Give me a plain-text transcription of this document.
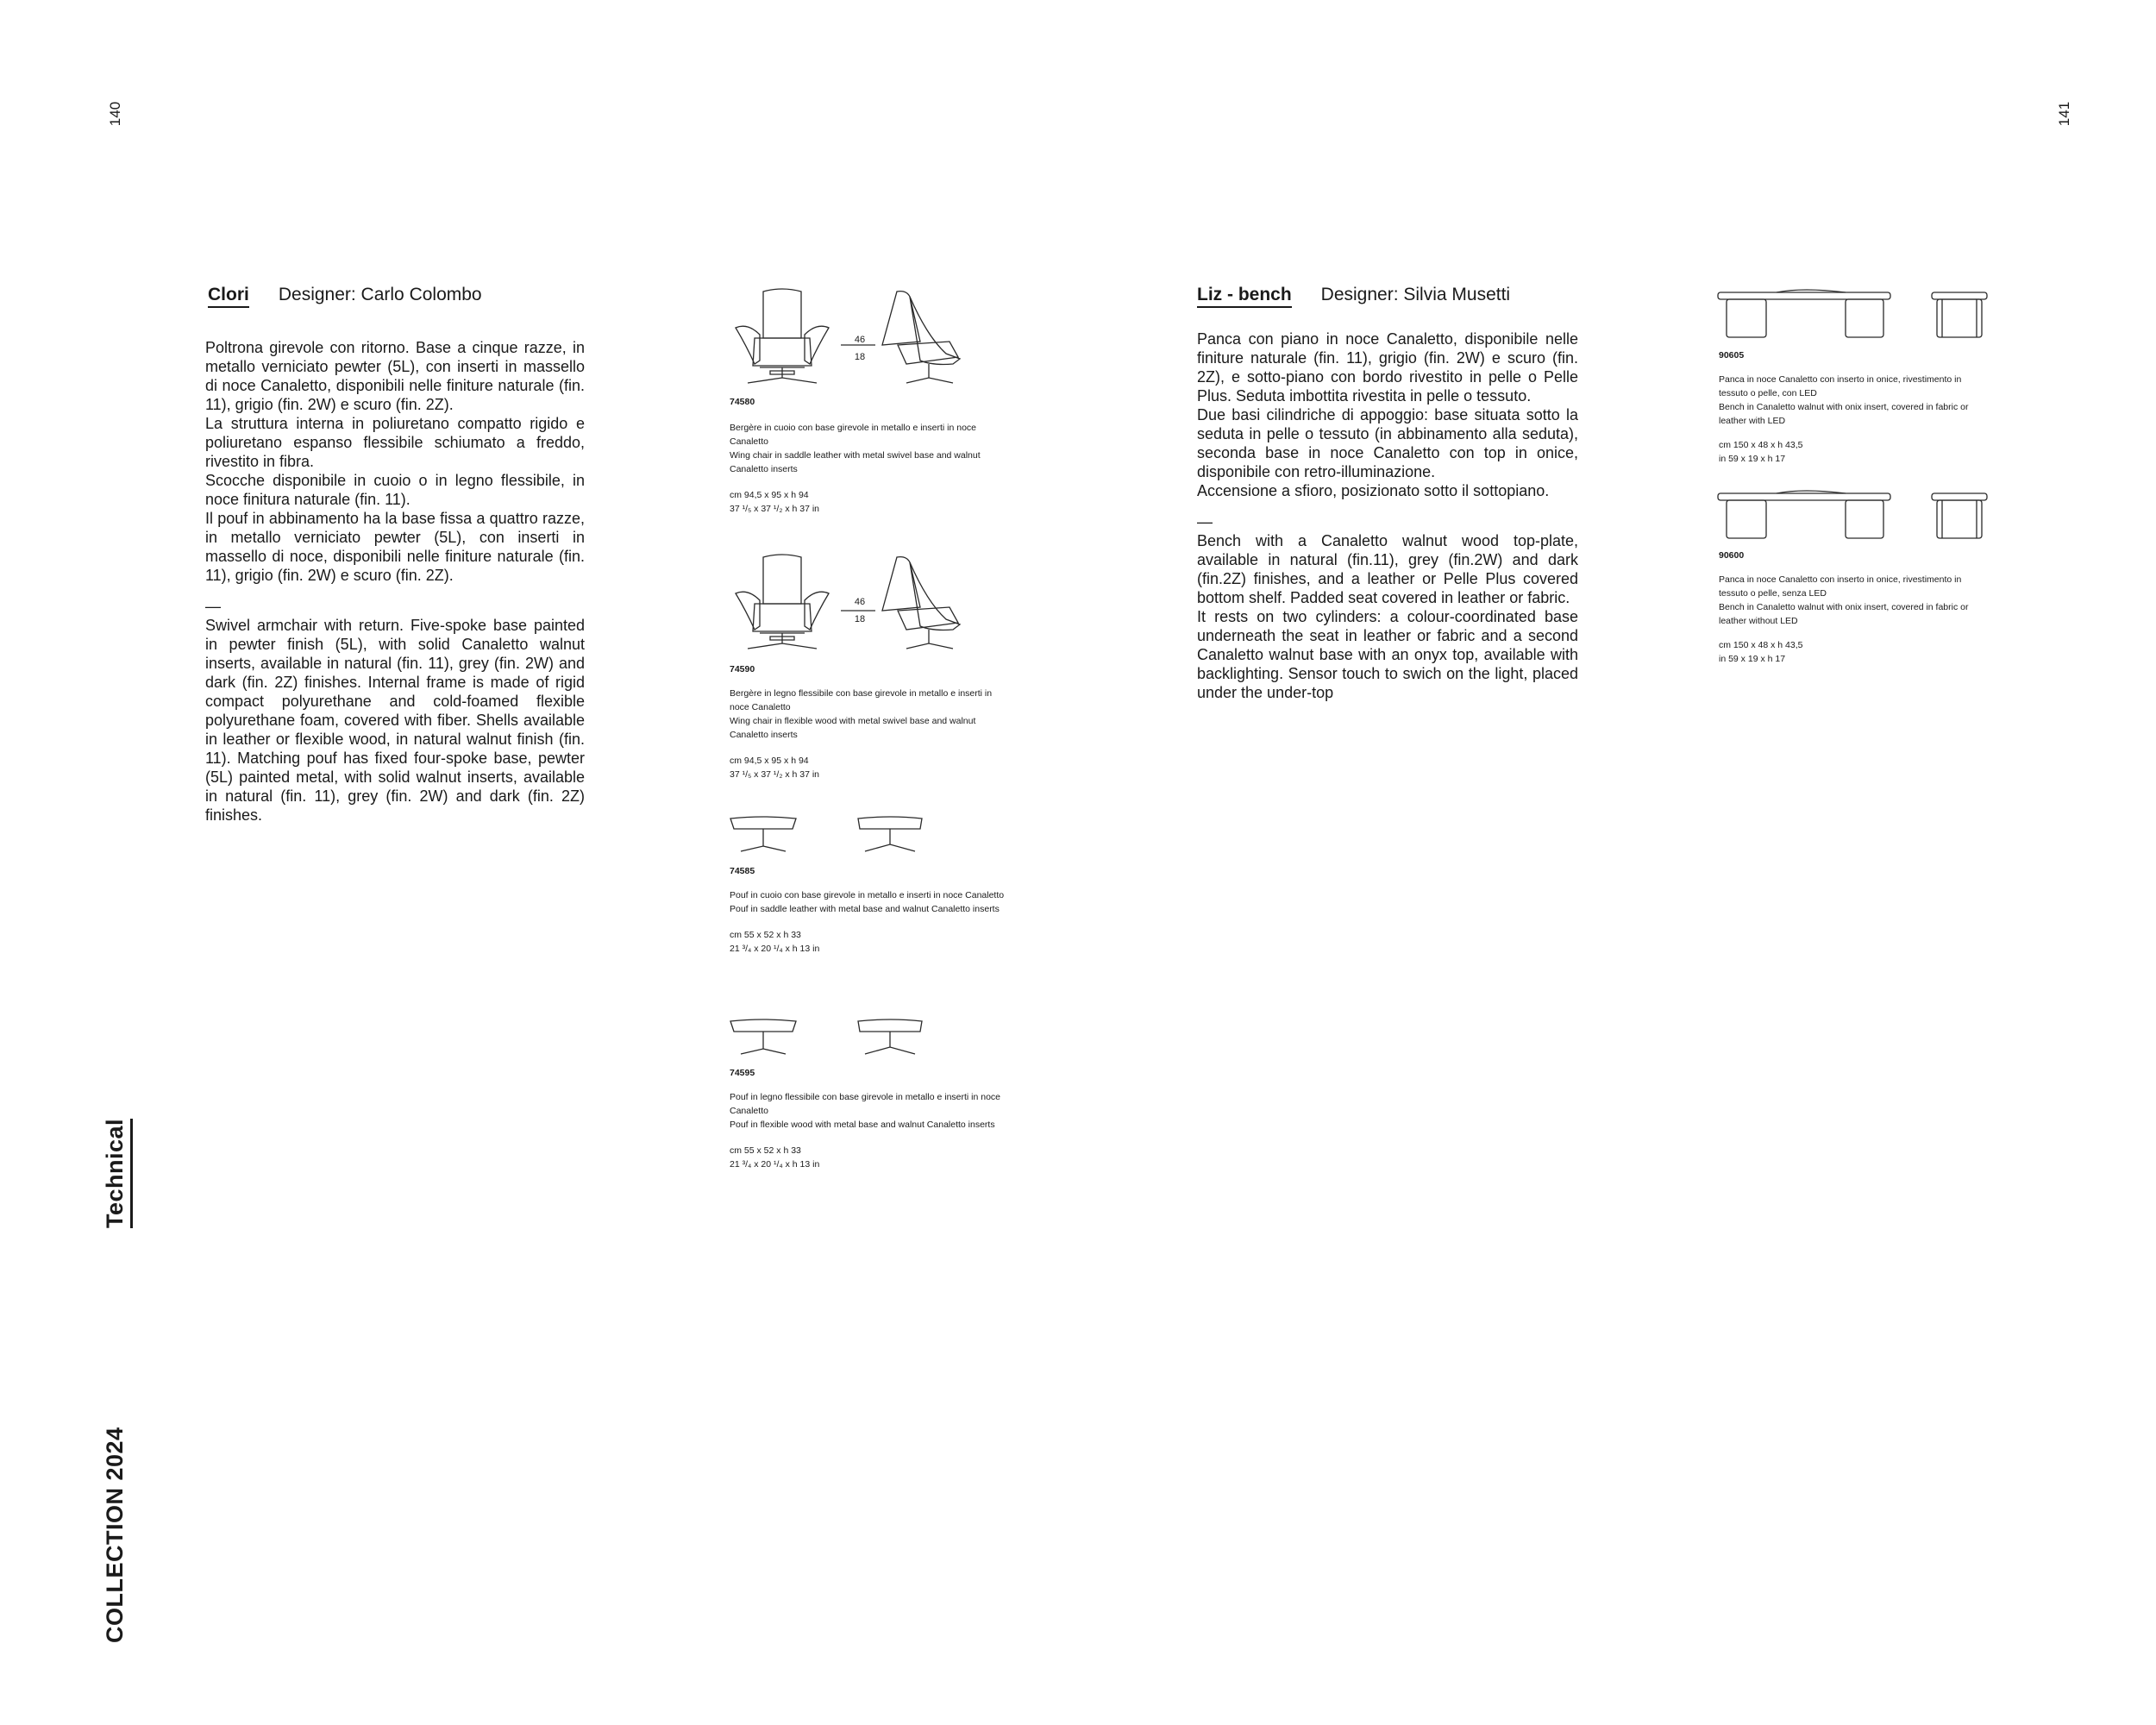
140	141
Technical
COLLECTION 2024
Clori Designer: Carlo Colombo

Poltrona girevole con ritorno. Base a cinque razze, in metallo verniciato pewter (5L), con inserti in massello di noce Canaletto, disponibili nelle finiture naturale (fin. 11), grigio (fin. 2W) e scuro (fin. 2Z).

La struttura interna in poliuretano compatto rigido e poliuretano espanso flessibile schiumato a freddo, rivestito in fibra.

Scocche disponibile in cuoio o in legno flessibile, in noce finitura naturale (fin. 11).

Il pouf in abbinamento ha la base fissa a quattro razze, in metallo verniciato pewter (5L), con inserti in massello di noce, disponibili nelle finiture naturale (fin. 11), grigio (fin. 2W) e scuro (fin. 2Z).

—

Swivel armchair with return. Five-spoke base painted in pewter finish (5L), with solid Canaletto walnut inserts, available in natural (fin. 11), grey (fin. 2W) and dark (fin. 2Z) finishes. Internal frame is made of rigid compact polyurethane and cold-foamed flexible polyurethane foam, covered with fiber. Shells available in leather or flexible wood, in natural walnut finish (fin. 11). Matching pouf has fixed four-spoke base, pewter (5L) painted metal, with solid walnut inserts, available in natural (fin. 11), grey (fin. 2W) and dark (fin. 2Z) finishes.

46
18
74580

Bergère in cuoio con base girevole in metallo e inserti in noce Canaletto

Wing chair in saddle leather with metal swivel base and walnut Canaletto inserts

cm 94,5 x 95 x h 94

37 ¹/₅ x 37 ¹/₂ x h 37 in

46
18
74590

Bergère in legno flessibile con base girevole in metallo e inserti in noce Canaletto

Wing chair in flexible wood with metal swivel base and walnut Canaletto inserts

cm 94,5 x 95 x h 94

37 ¹/₅ x 37 ¹/₂ x h 37 in

74585

Pouf in cuoio con base girevole in metallo e inserti in noce Canaletto

Pouf in saddle leather with metal base and walnut Canaletto inserts

cm 55 x 52 x h 33

21 ³/₄ x 20 ¹/₄ x h 13 in

74595

Pouf in legno flessibile con base girevole in metallo e inserti in noce Canaletto

Pouf in flexible wood with metal base and walnut Canaletto inserts

cm 55 x 52 x h 33

21 ³/₄ x 20 ¹/₄ x h 13 in

Liz - bench Designer: Silvia Musetti

Panca con piano in noce Canaletto, disponibile nelle finiture naturale (fin. 11), grigio (fin. 2W) e scuro (fin. 2Z), e sotto-piano con bordo rivestito in pelle o Pelle Plus. Seduta imbottita rivestita in pelle o tessuto.

Due basi cilindriche di appoggio: base situata sotto la seduta in pelle o tessuto (in abbinamento alla seduta), seconda base in noce Canaletto con top in onice, disponibile con retro-illuminazione.

Accensione a sfioro, posizionato sotto il sottopiano.

—

Bench with a Canaletto walnut wood top-plate, available in natural (fin.11), grey (fin.2W) and dark (fin.2Z) finishes, and a leather or Pelle Plus covered bottom shelf. Padded seat covered in leather or fabric.

It rests on two cylinders: a colour-coordinated base underneath the seat in leather or fabric and a second Canaletto walnut base with an onyx top, available with backlighting. Sensor touch to swich on the light, placed under the under-top

90605

Panca in noce Canaletto con inserto in onice, rivestimento in tessuto o pelle, con LED

Bench in Canaletto walnut with onix insert, covered in fabric or leather with LED

cm 150 x 48 x h 43,5

in 59 x 19 x h 17

90600

Panca in noce Canaletto con inserto in onice, rivestimento in tessuto o pelle, senza LED

Bench in Canaletto walnut with onix insert, covered in fabric or leather without LED

cm 150 x 48 x h 43,5

in 59 x 19 x h 17
